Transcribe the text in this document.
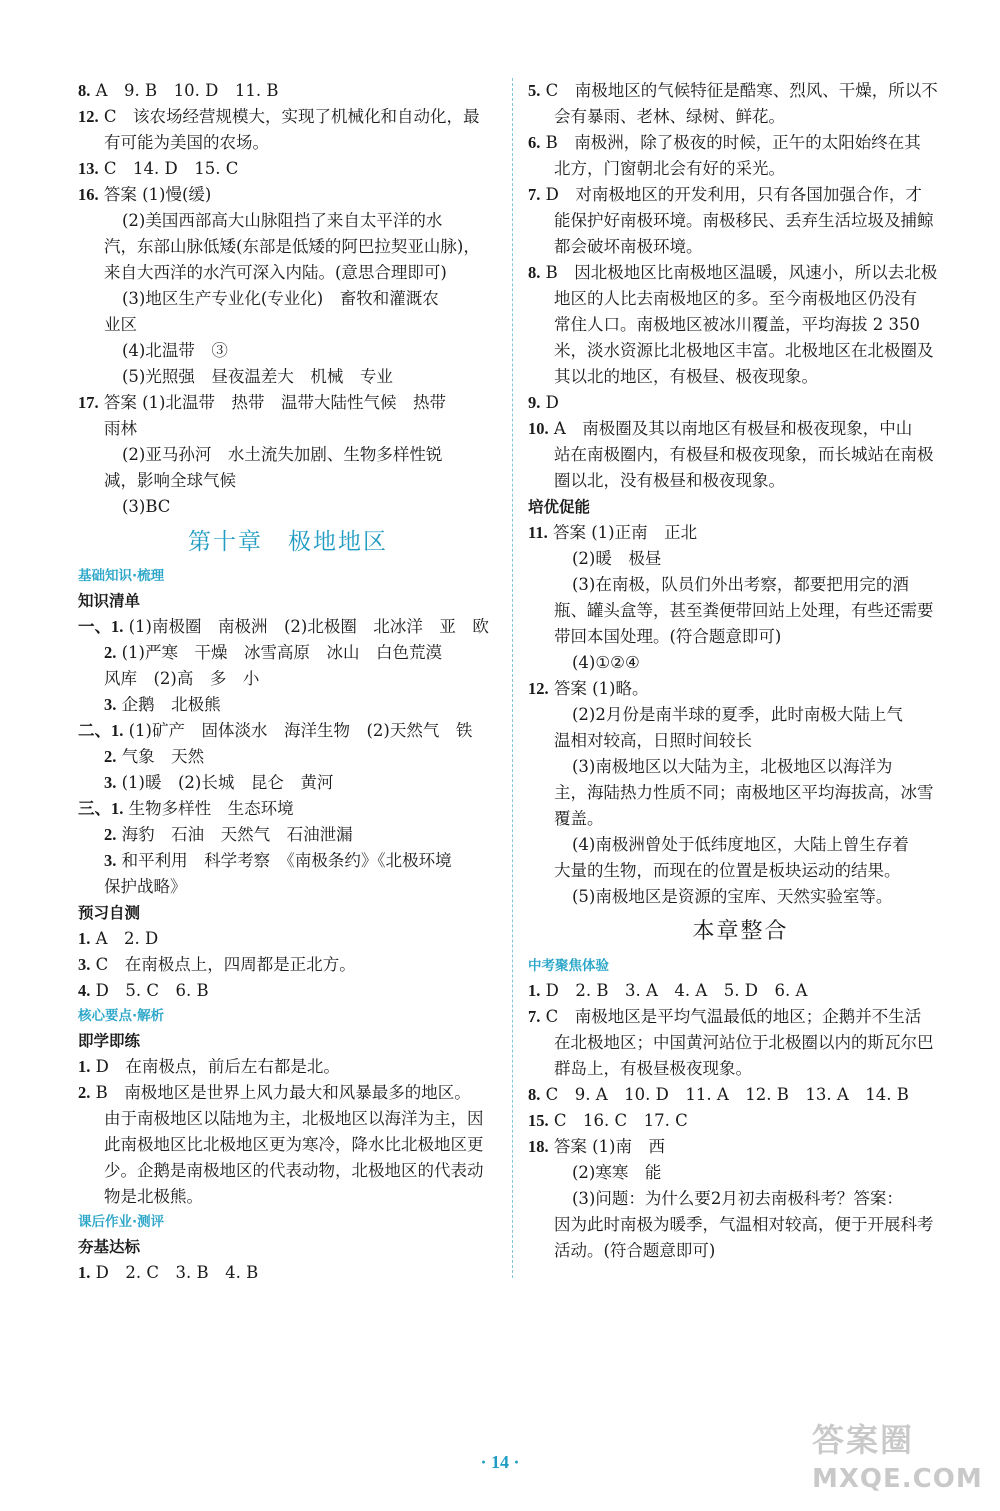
8. A　9. B　10. D　11. B
12. C　该农场经营规模大，实现了机械化和自动化，最
有可能为美国的农场。
13. C　14. D　15. C
16. 答案 (1)慢(缓)
(2)美国西部高大山脉阻挡了来自太平洋的水
汽，东部山脉低矮(东部是低矮的阿巴拉契亚山脉)，
来自大西洋的水汽可深入内陆。(意思合理即可)
(3)地区生产专业化(专业化)　畜牧和灌溉农
业区
(4)北温带　③
(5)光照强　昼夜温差大　机械　专业
17. 答案 (1)北温带　热带　温带大陆性气候　热带
雨林
(2)亚马孙河　水土流失加剧、生物多样性锐
减，影响全球气候
(3)BC
第十章　极地地区
基础知识·梳理
知识清单
一、1. (1)南极圈　南极洲　(2)北极圈　北冰洋　亚　欧
2. (1)严寒　干燥　冰雪高原　冰山　白色荒漠
风库　(2)高　多　小
3. 企鹅　北极熊
二、1. (1)矿产　固体淡水　海洋生物　(2)天然气　铁
2. 气象　天然
3. (1)暖　(2)长城　昆仑　黄河
三、1. 生物多样性　生态环境
2. 海豹　石油　天然气　石油泄漏
3. 和平利用　科学考察　《南极条约》《北极环境
保护战略》
预习自测
1. A　2. D
3. C　在南极点上，四周都是正北方。
4. D　5. C　6. B
核心要点·解析
即学即练
1. D　在南极点，前后左右都是北。
2. B　南极地区是世界上风力最大和风暴最多的地区。
由于南极地区以陆地为主，北极地区以海洋为主，因
此南极地区比北极地区更为寒冷，降水比北极地区更
少。企鹅是南极地区的代表动物，北极地区的代表动
物是北极熊。
课后作业·测评
夯基达标
1. D　2. C　3. B　4. B
5. C　南极地区的气候特征是酷寒、烈风、干燥，所以不
会有暴雨、老林、绿树、鲜花。
6. B　南极洲，除了极夜的时候，正午的太阳始终在其
北方，门窗朝北会有好的采光。
7. D　对南极地区的开发利用，只有各国加强合作，才
能保护好南极环境。南极移民、丢弃生活垃圾及捕鲸
都会破坏南极环境。
8. B　因北极地区比南极地区温暖，风速小，所以去北极
地区的人比去南极地区的多。至今南极地区仍没有
常住人口。南极地区被冰川覆盖，平均海拔 2 350
米，淡水资源比北极地区丰富。北极地区在北极圈及
其以北的地区，有极昼、极夜现象。
9. D
10. A　南极圈及其以南地区有极昼和极夜现象，中山
站在南极圈内，有极昼和极夜现象，而长城站在南极
圈以北，没有极昼和极夜现象。
培优促能
11. 答案 (1)正南　正北
(2)暖　极昼
(3)在南极，队员们外出考察，都要把用完的酒
瓶、罐头盒等，甚至粪便带回站上处理，有些还需要
带回本国处理。(符合题意即可)
(4)①②④
12. 答案 (1)略。
(2)2月份是南半球的夏季，此时南极大陆上气
温相对较高，日照时间较长
(3)南极地区以大陆为主，北极地区以海洋为
主，海陆热力性质不同；南极地区平均海拔高，冰雪
覆盖。
(4)南极洲曾处于低纬度地区，大陆上曾生存着
大量的生物，而现在的位置是板块运动的结果。
(5)南极地区是资源的宝库、天然实验室等。
本章整合
中考聚焦体验
1. D　2. B　3. A　4. A　5. D　6. A
7. C　南极地区是平均气温最低的地区；企鹅并不生活
在北极地区；中国黄河站位于北极圈以内的斯瓦尔巴
群岛上，有极昼极夜现象。
8. C　9. A　10. D　11. A　12. B　13. A　14. B
15. C　16. C　17. C
18. 答案 (1)南　西
(2)寒寒　能
(3)问题：为什么要2月初去南极科考？答案：
因为此时南极为暖季，气温相对较高，便于开展科考
活动。(符合题意即可)
· 14 ·
答案圈
MXQE.COM
